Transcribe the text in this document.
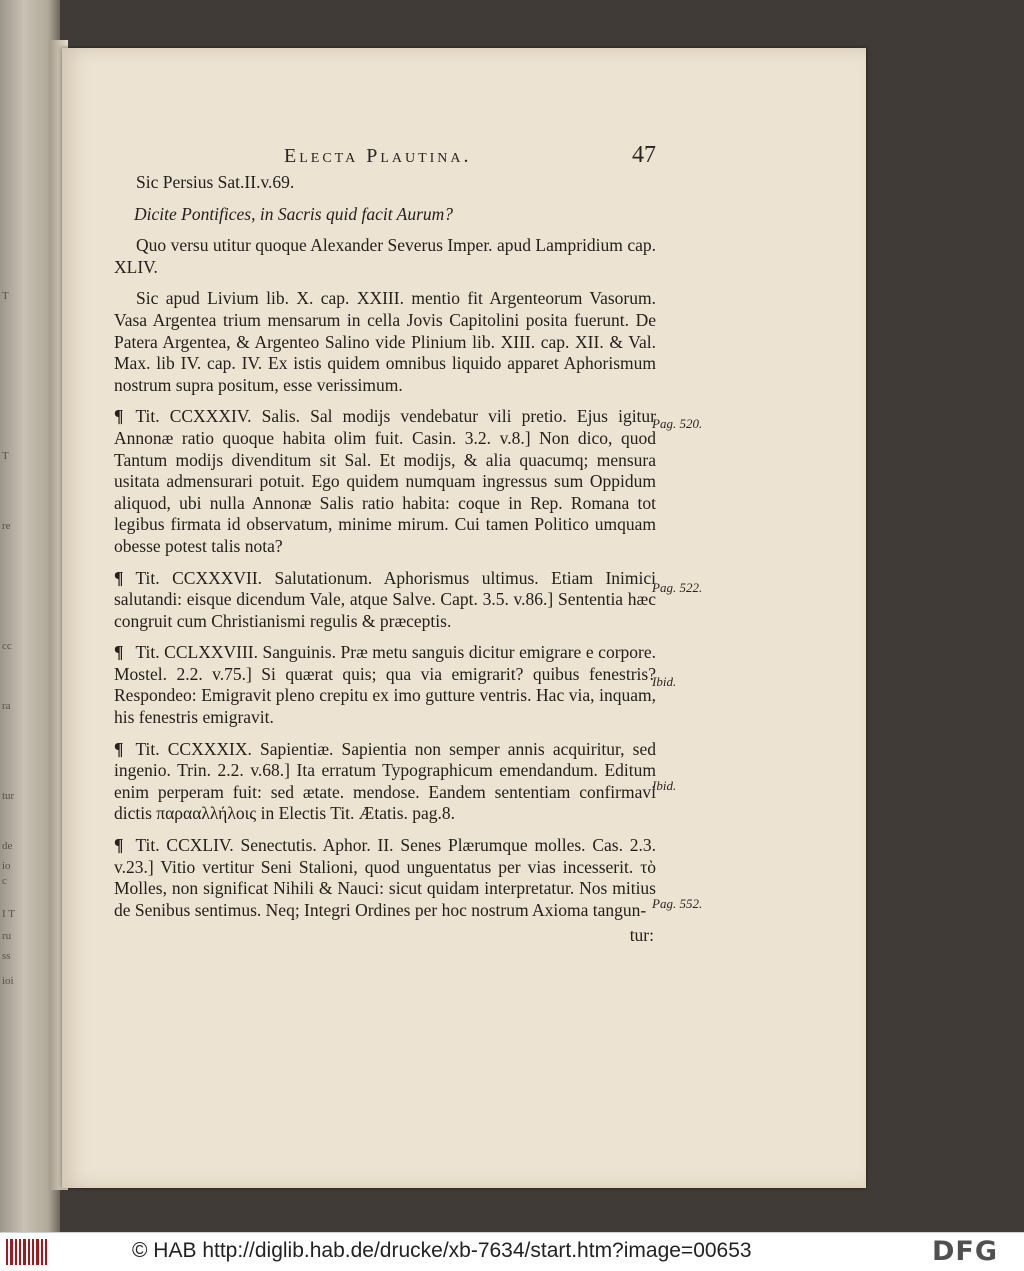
Т
T
re
cc
ra
tur
de
io
c
I T
ru
ss
ioi
Electa Plautina.	47

Sic Persius Sat.II.v.69.

Dicite Pontifices, in Sacris quid facit Aurum?

Quo versu utitur quoque Alexander Severus Imper. apud Lampridium cap. XLIV.

Sic apud Livium lib. X. cap. XXIII. mentio fit Argenteorum Vasorum. Vasa Argentea trium mensarum in cella Jovis Capitolini posita fuerunt. De Patera Argentea, & Argenteo Salino vide Plinium lib. XIII. cap. XII. & Val. Max. lib IV. cap. IV. Ex istis quidem omnibus liquido apparet Aphorismum nostrum supra positum, esse verissimum.

¶ Tit. CCXXXIV. Salis. Sal modijs vendebatur vili pretio. Ejus igitur Annonæ ratio quoque habita olim fuit. Casin. 3.2. v.8.] Non dico, quod Tantum modijs divenditum sit Sal. Et modijs, & alia quacumq; mensura usitata admensurari potuit. Ego quidem numquam ingressus sum Oppidum aliquod, ubi nulla Annonæ Salis ratio habita: coque in Rep. Romana tot legibus firmata id observatum, minime mirum. Cui tamen Politico umquam obesse potest talis nota?

¶ Tit. CCXXXVII. Salutationum. Aphorismus ultimus. Etiam Inimici salutandi: eisque dicendum Vale, atque Salve. Capt. 3.5. v.86.] Sententia hæc congruit cum Christianismi regulis & præceptis.

¶ Tit. CCLXXVIII. Sanguinis. Præ metu sanguis dicitur emigrare e corpore. Mostel. 2.2. v.75.] Si quærat quis; qua via emigrarit? quibus fenestris? Respondeo: Emigravit pleno crepitu ex imo gutture ventris. Hac via, inquam, his fenestris emigravit.

¶ Tit. CCXXXIX. Sapientiæ. Sapientia non semper annis acquiritur, sed ingenio. Trin. 2.2. v.68.] Ita erratum Typographicum emendandum. Editum enim perperam fuit: sed ætate. mendose. Eandem sententiam confirmavi dictis παρααλλήλοις in Electis Tit. Ætatis. pag.8.

¶ Tit. CCXLIV. Senectutis. Aphor. II. Senes Plærumque molles. Cas. 2.3. v.23.] Vitio vertitur Seni Stalioni, quod unguentatus per vias incesserit. τὸ Molles, non significat Nihili & Nauci: sicut quidam interpretatur. Nos mitius de Senibus sentimus. Neq; Integri Ordines per hoc nostrum Axioma tangun-

tur:
Pag. 520.
Pag. 522.
Ibid.
Ibid.
Pag. 552.
© HAB http://diglib.hab.de/drucke/xb-7634/start.htm?image=00653	DFG
